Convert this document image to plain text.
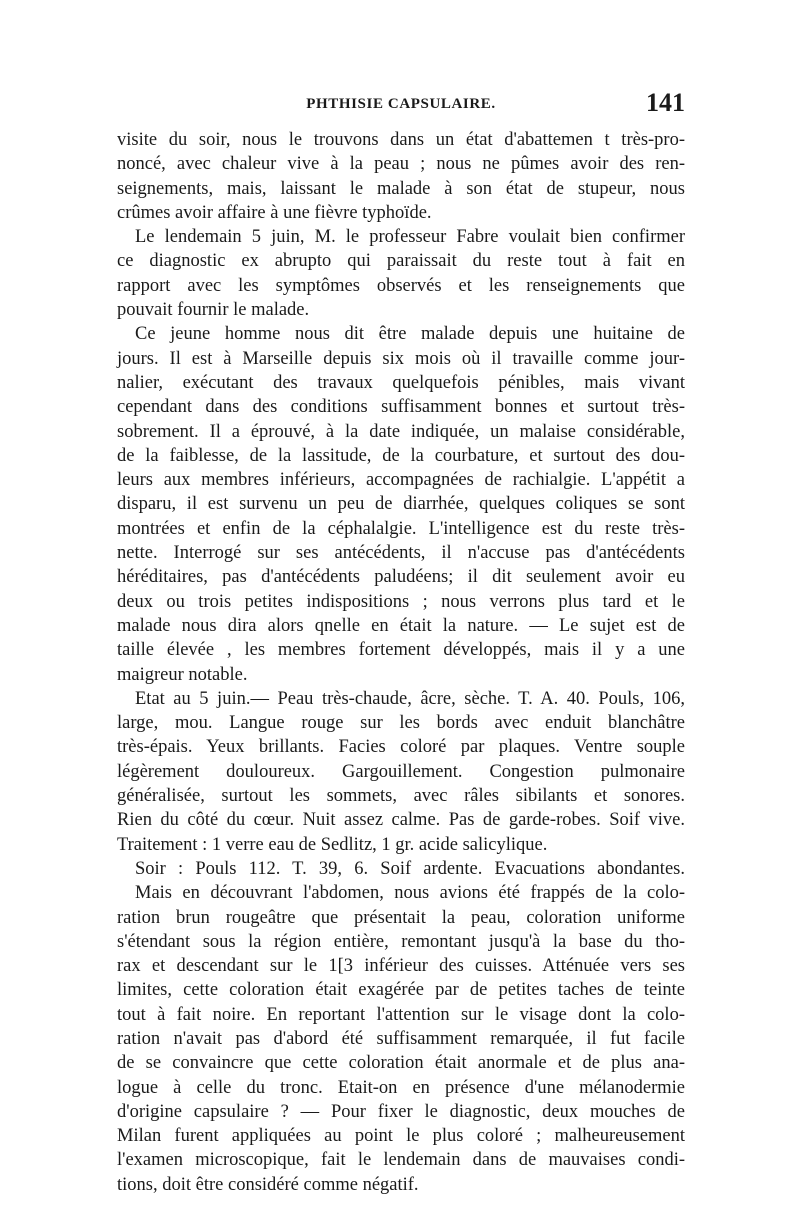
PHTHISIE CAPSULAIRE.	141
visite du soir, nous le trouvons dans un état d'abattemen t très-pro-
noncé, avec chaleur vive à la peau ; nous ne pûmes avoir des ren-
seignements, mais, laissant le malade à son état de stupeur, nous
crûmes avoir affaire à une fièvre typhoïde.
Le lendemain 5 juin, M. le professeur Fabre voulait bien confirmer
ce diagnostic ex abrupto qui paraissait du reste tout à fait en
rapport avec les symptômes observés et les renseignements que
pouvait fournir le malade.
Ce jeune homme nous dit être malade depuis une huitaine de
jours. Il est à Marseille depuis six mois où il travaille comme jour-
nalier, exécutant des travaux quelquefois pénibles, mais vivant
cependant dans des conditions suffisamment bonnes et surtout très-
sobrement. Il a éprouvé, à la date indiquée, un malaise considérable,
de la faiblesse, de la lassitude, de la courbature, et surtout des dou-
leurs aux membres inférieurs, accompagnées de rachialgie. L'appétit a
disparu, il est survenu un peu de diarrhée, quelques coliques se sont
montrées et enfin de la céphalalgie. L'intelligence est du reste très-
nette. Interrogé sur ses antécédents, il n'accuse pas d'antécédents
héréditaires, pas d'antécédents paludéens; il dit seulement avoir eu
deux ou trois petites indispositions ; nous verrons plus tard et le
malade nous dira alors qnelle en était la nature. — Le sujet est de
taille élevée , les membres fortement développés, mais il y a une
maigreur notable.
Etat au 5 juin.— Peau très-chaude, âcre, sèche. T. A. 40. Pouls, 106,
large, mou. Langue rouge sur les bords avec enduit blanchâtre
très-épais. Yeux brillants. Facies coloré par plaques. Ventre souple
légèrement douloureux. Gargouillement. Congestion pulmonaire
généralisée, surtout les sommets, avec râles sibilants et sonores.
Rien du côté du cœur. Nuit assez calme. Pas de garde-robes. Soif vive.
Traitement : 1 verre eau de Sedlitz, 1 gr. acide salicylique.
Soir : Pouls 112. T. 39, 6. Soif ardente. Evacuations abondantes.
Mais en découvrant l'abdomen, nous avions été frappés de la colo-
ration brun rougeâtre que présentait la peau, coloration uniforme
s'étendant sous la région entière, remontant jusqu'à la base du tho-
rax et descendant sur le 1[3 inférieur des cuisses. Atténuée vers ses
limites, cette coloration était exagérée par de petites taches de teinte
tout à fait noire. En reportant l'attention sur le visage dont la colo-
ration n'avait pas d'abord été suffisamment remarquée, il fut facile
de se convaincre que cette coloration était anormale et de plus ana-
logue à celle du tronc. Etait-on en présence d'une mélanodermie
d'origine capsulaire ? — Pour fixer le diagnostic, deux mouches de
Milan furent appliquées au point le plus coloré ; malheureusement
l'examen microscopique, fait le lendemain dans de mauvaises condi-
tions, doit être considéré comme négatif.
